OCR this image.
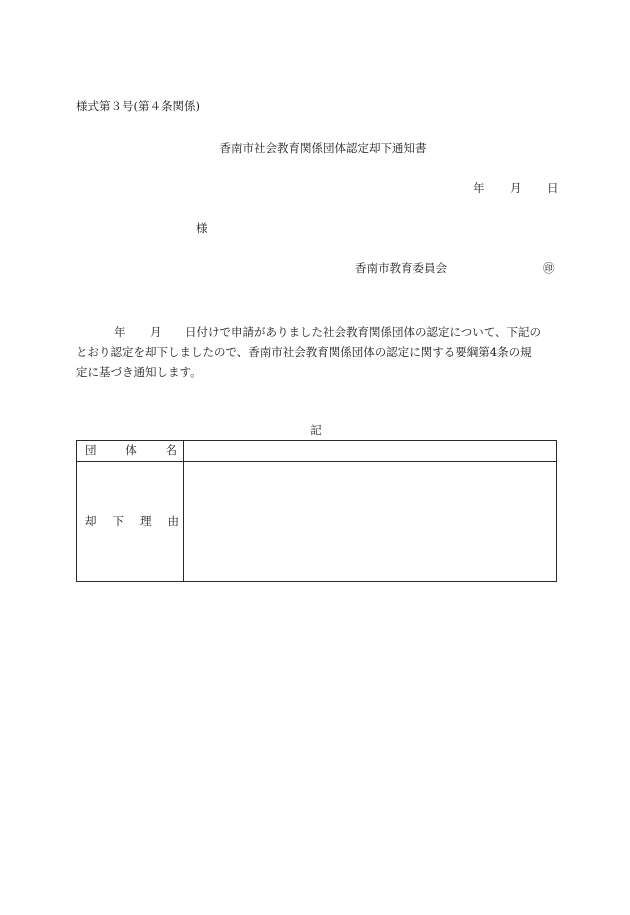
様式第３号(第４条関係)
香南市社会教育関係団体認定却下通知書
年 月 日
様
香南市教育委員会	㊞
年 月 日付けで申請がありました社会教育関係団体の認定について、下記の
とおり認定を却下しましたので、香南市社会教育関係団体の認定に関する要綱第4条の規
定に基づき通知します。
記
団 体 名	

却 下 理 由	
